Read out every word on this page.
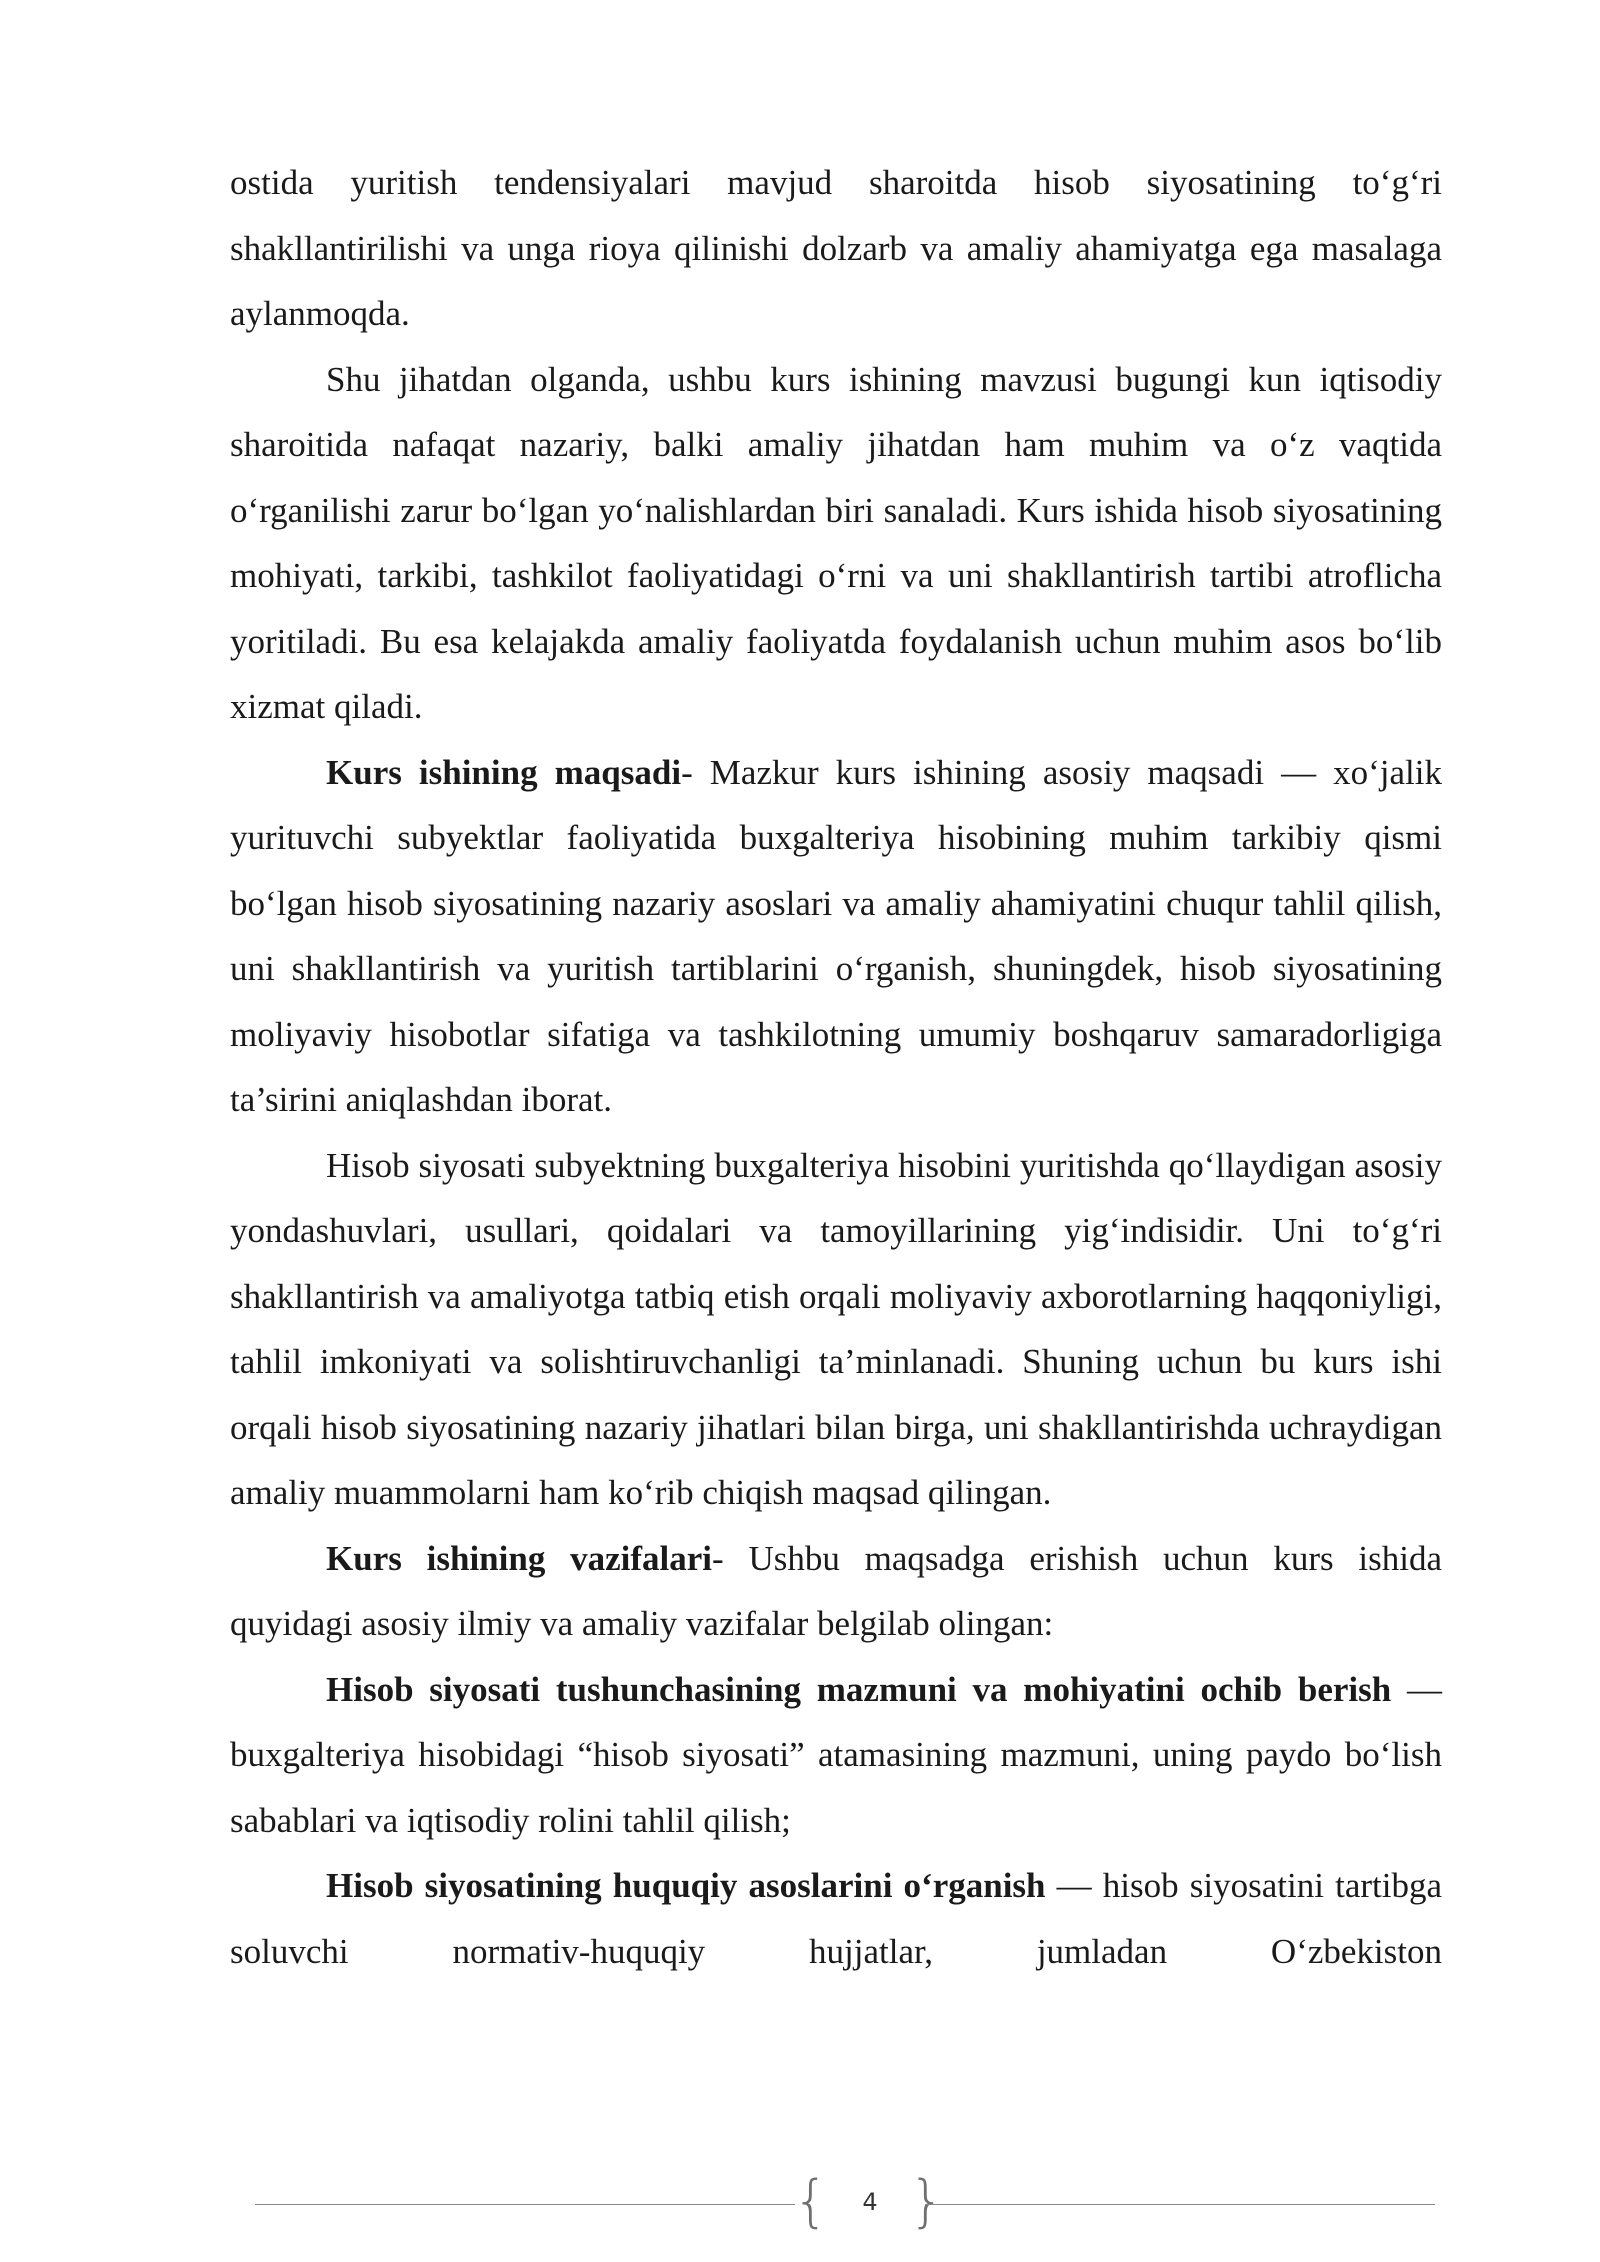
ostida yuritish tendensiyalari mavjud sharoitda hisob siyosatining to‘g‘ri shakllantirilishi va unga rioya qilinishi dolzarb va amaliy ahamiyatga ega masalaga aylanmoqda.

Shu jihatdan olganda, ushbu kurs ishining mavzusi bugungi kun iqtisodiy sharoitida nafaqat nazariy, balki amaliy jihatdan ham muhim va o‘z vaqtida o‘rganilishi zarur bo‘lgan yo‘nalishlardan biri sanaladi. Kurs ishida hisob siyosatining mohiyati, tarkibi, tashkilot faoliyatidagi o‘rni va uni shakllantirish tartibi atroflicha yoritiladi. Bu esa kelajakda amaliy faoliyatda foydalanish uchun muhim asos bo‘lib xizmat qiladi.

Kurs ishining maqsadi- Mazkur kurs ishining asosiy maqsadi — xo‘jalik yurituvchi subyektlar faoliyatida buxgalteriya hisobining muhim tarkibiy qismi bo‘lgan hisob siyosatining nazariy asoslari va amaliy ahamiyatini chuqur tahlil qilish, uni shakllantirish va yuritish tartiblarini o‘rganish, shuningdek, hisob siyosatining moliyaviy hisobotlar sifatiga va tashkilotning umumiy boshqaruv samaradorligiga ta’sirini aniqlashdan iborat.

Hisob siyosati subyektning buxgalteriya hisobini yuritishda qo‘llaydigan asosiy yondashuvlari, usullari, qoidalari va tamoyillarining yig‘indisidir. Uni to‘g‘ri shakllantirish va amaliyotga tatbiq etish orqali moliyaviy axborotlarning haqqoniyligi, tahlil imkoniyati va solishtiruvchanligi ta’minlanadi. Shuning uchun bu kurs ishi orqali hisob siyosatining nazariy jihatlari bilan birga, uni shakllantirishda uchraydigan amaliy muammolarni ham ko‘rib chiqish maqsad qilingan.

Kurs ishining vazifalari- Ushbu maqsadga erishish uchun kurs ishida quyidagi asosiy ilmiy va amaliy vazifalar belgilab olingan:

Hisob siyosati tushunchasining mazmuni va mohiyatini ochib berish — buxgalteriya hisobidagi “hisob siyosati” atamasining mazmuni, uning paydo bo‘lish sabablari va iqtisodiy rolini tahlil qilish;

Hisob siyosatining huquqiy asoslarini o‘rganish — hisob siyosatini tartibga soluvchi normativ-huquqiy hujjatlar, jumladan O‘zbekiston

{	4 }
